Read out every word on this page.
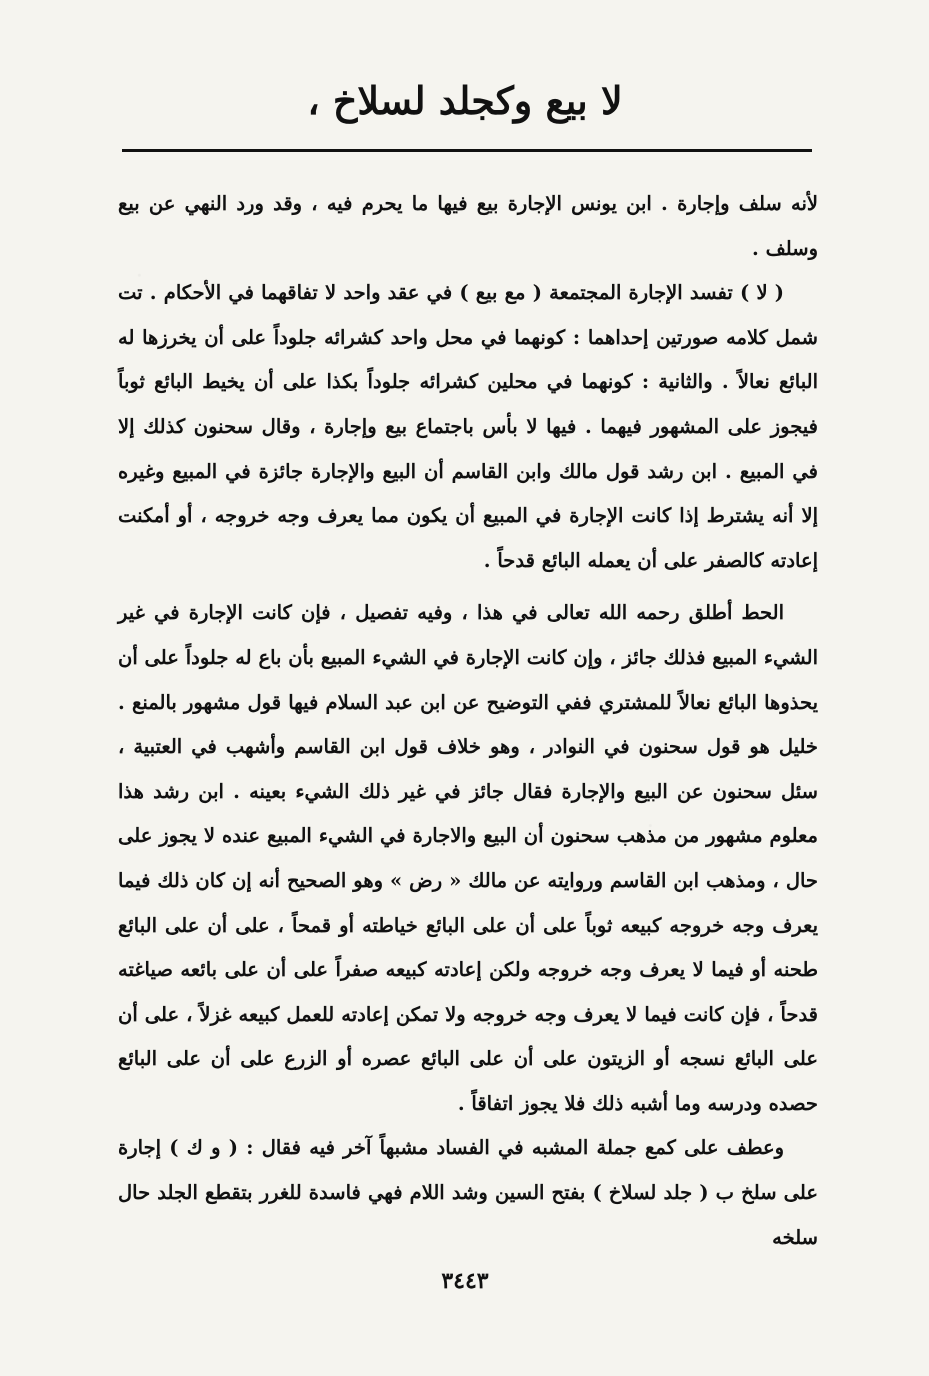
لا بيع وكجلد لسلاخ ،

لأنه سلف وإجارة . ابن يونس الإجارة بيع فيها ما يحرم فيه ، وقد ورد النهي عن بيع وسلف .

( لا ) تفسد الإجارة المجتمعة ( مع بيع ) في عقد واحد لا تفاقهما في الأحكام . تت شمل كلامه صورتين إحداهما : كونهما في محل واحد كشرائه جلوداً على أن يخرزها له البائع نعالاً . والثانية : كونهما في محلين كشرائه جلوداً بكذا على أن يخيط البائع ثوباً فيجوز على المشهور فيهما . فيها لا بأس باجتماع بيع وإجارة ، وقال سحنون كذلك إلا في المبيع . ابن رشد قول مالك وابن القاسم أن البيع والإجارة جائزة في المبيع وغيره إلا أنه يشترط إذا كانت الإجارة في المبيع أن يكون مما يعرف وجه خروجه ، أو أمكنت إعادته كالصفر على أن يعمله البائع قدحاً .

الحط أطلق رحمه الله تعالى في هذا ، وفيه تفصيل ، فإن كانت الإجارة في غير الشيء المبيع فذلك جائز ، وإن كانت الإجارة في الشيء المبيع بأن باع له جلوداً على أن يحذوها البائع نعالاً للمشتري ففي التوضيح عن ابن عبد السلام فيها قول مشهور بالمنع . خليل هو قول سحنون في النوادر ، وهو خلاف قول ابن القاسم وأشهب في العتبية ، سئل سحنون عن البيع والإجارة فقال جائز في غير ذلك الشيء بعينه . ابن رشد هذا معلوم مشهور من مذهب سحنون أن البيع والاجارة في الشيء المبيع عنده لا يجوز على حال ، ومذهب ابن القاسم وروايته عن مالك « رض » وهو الصحيح أنه إن كان ذلك فيما يعرف وجه خروجه كبيعه ثوباً على أن على البائع خياطته أو قمحاً ، على أن على البائع طحنه أو فيما لا يعرف وجه خروجه ولكن إعادته كبيعه صفراً على أن على بائعه صياغته قدحاً ، فإن كانت فيما لا يعرف وجه خروجه ولا تمكن إعادته للعمل كبيعه غزلاً ، على أن على البائع نسجه أو الزيتون على أن على البائع عصره أو الزرع على أن على البائع حصده ودرسه وما أشبه ذلك فلا يجوز اتفاقاً .

وعطف على كمع جملة المشبه في الفساد مشبهاً آخر فيه فقال : ( و ك ) إجارة على سلخ ب ( جلد لسلاخ ) بفتح السين وشد اللام فهي فاسدة للغرر بتقطع الجلد حال سلخه

٣٤٤٣
